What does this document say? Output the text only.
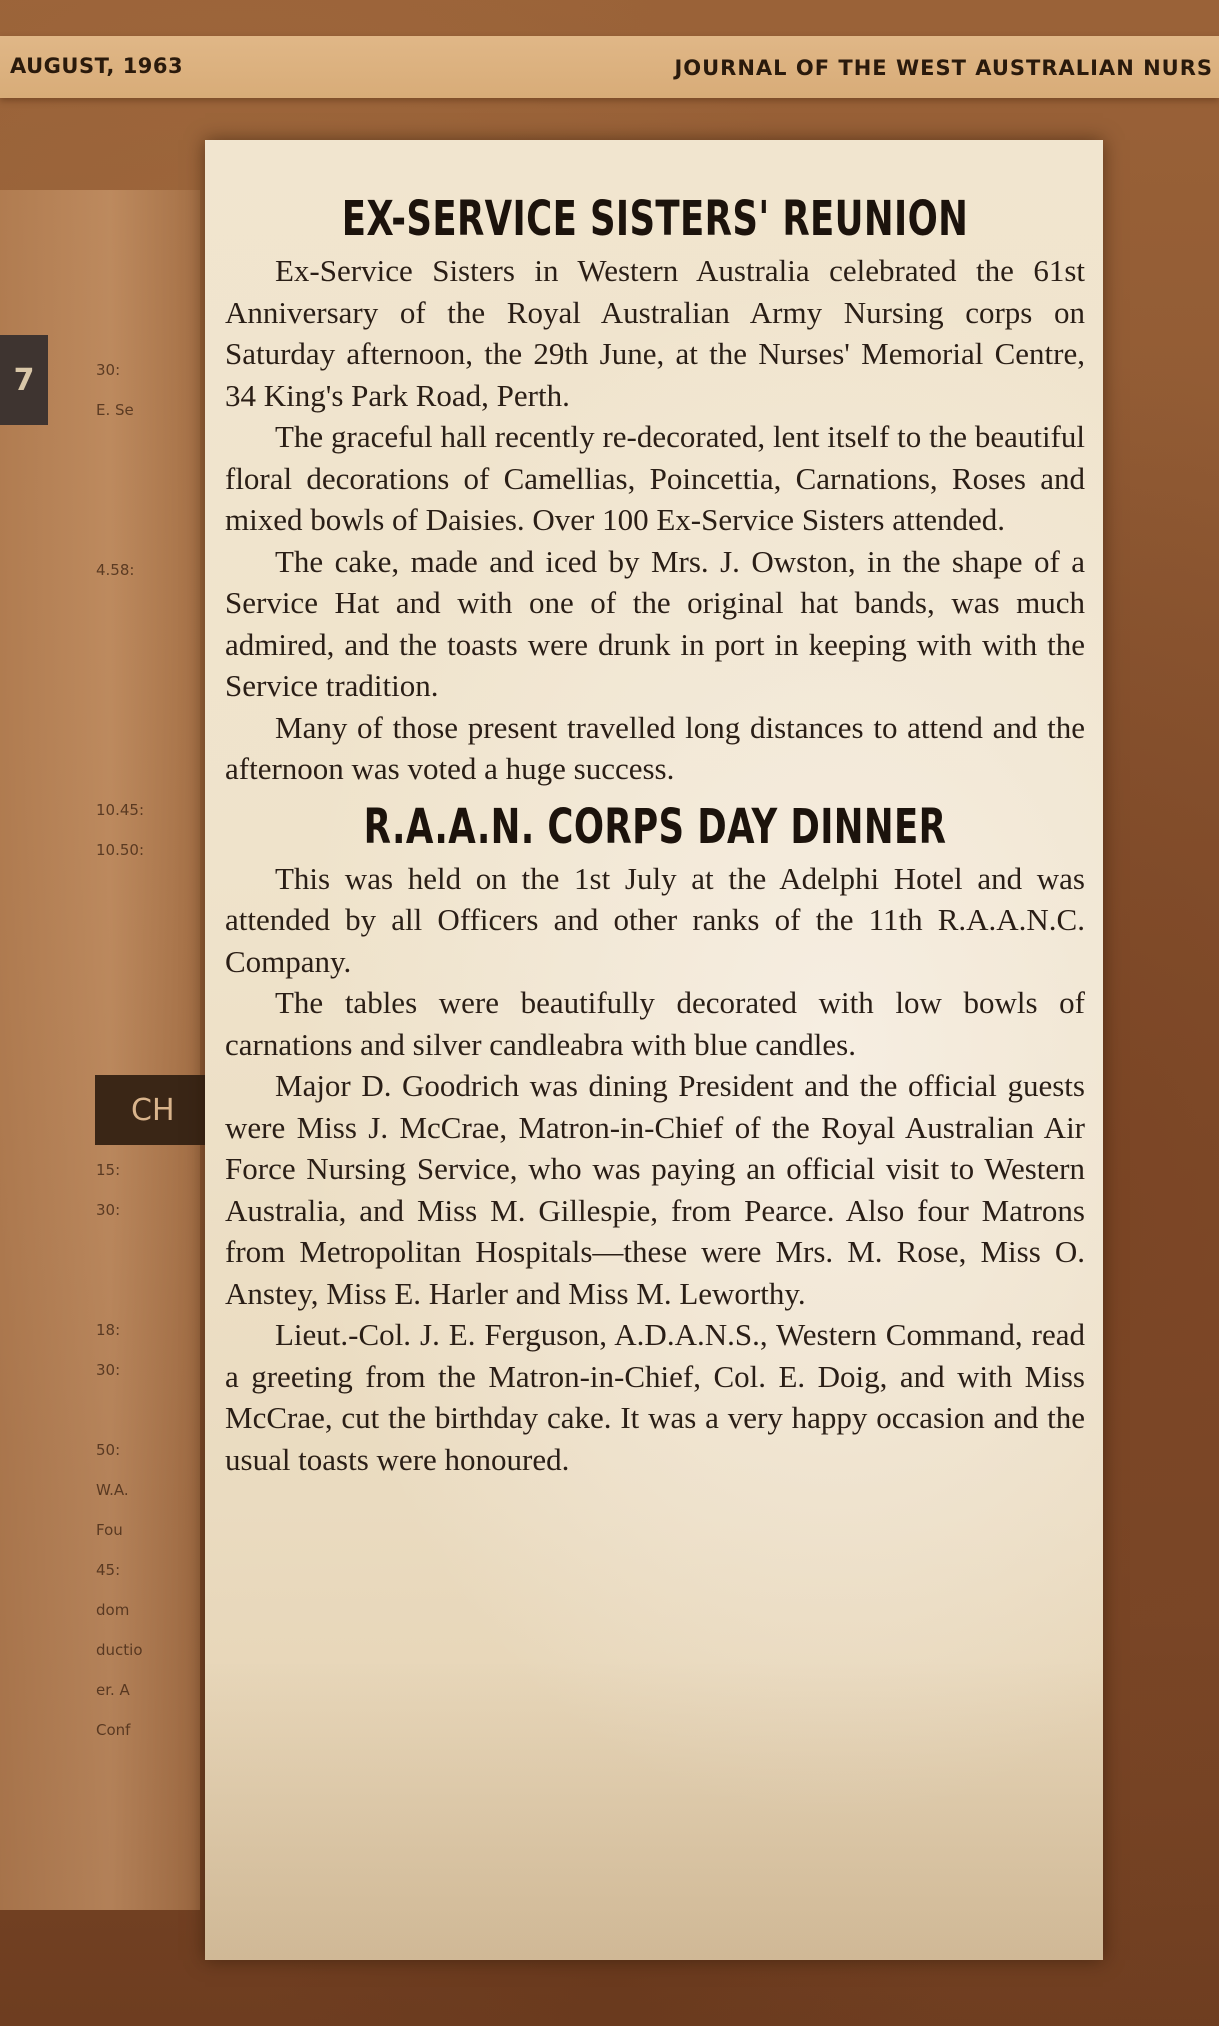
7
	30:
E. Se

4.58:

10.45:
10.50:

15:
30:

18:
30:

50:
W.A.
Fou
45:
dom
ductio
er. A
Conf
CH
AUGUST, 1963	JOURNAL OF THE WEST AUSTRALIAN NURS
EX-SERVICE SISTERS' REUNION

Ex-Service Sisters in Western Australia celebrated the 61st Anniversary of the Royal Australian Army Nursing corps on Saturday afternoon, the 29th June, at the Nurses' Memorial Centre, 34 King's Park Road, Perth.

The graceful hall recently re-decorated, lent itself to the beautiful floral decorations of Camellias, Poincettia, Carnations, Roses and mixed bowls of Daisies. Over 100 Ex-Service Sisters attended.

The cake, made and iced by Mrs. J. Owston, in the shape of a Service Hat and with one of the original hat bands, was much admired, and the toasts were drunk in port in keeping with with the Service tradition.

Many of those present travelled long distances to attend and the afternoon was voted a huge success.

R.A.A.N. CORPS DAY DINNER

This was held on the 1st July at the Adelphi Hotel and was attended by all Officers and other ranks of the 11th R.A.A.N.C. Company.

The tables were beautifully decorated with low bowls of carnations and silver candleabra with blue candles.

Major D. Goodrich was dining President and the official guests were Miss J. McCrae, Matron-in-Chief of the Royal Australian Air Force Nursing Service, who was paying an official visit to Western Australia, and Miss M. Gillespie, from Pearce. Also four Matrons from Metropolitan Hospitals—these were Mrs. M. Rose, Miss O. Anstey, Miss E. Harler and Miss M. Leworthy.

Lieut.-Col. J. E. Ferguson, A.D.A.N.S., Western Command, read a greeting from the Matron-in-Chief, Col. E. Doig, and with Miss McCrae, cut the birthday cake. It was a very happy occasion and the usual toasts were honoured.
